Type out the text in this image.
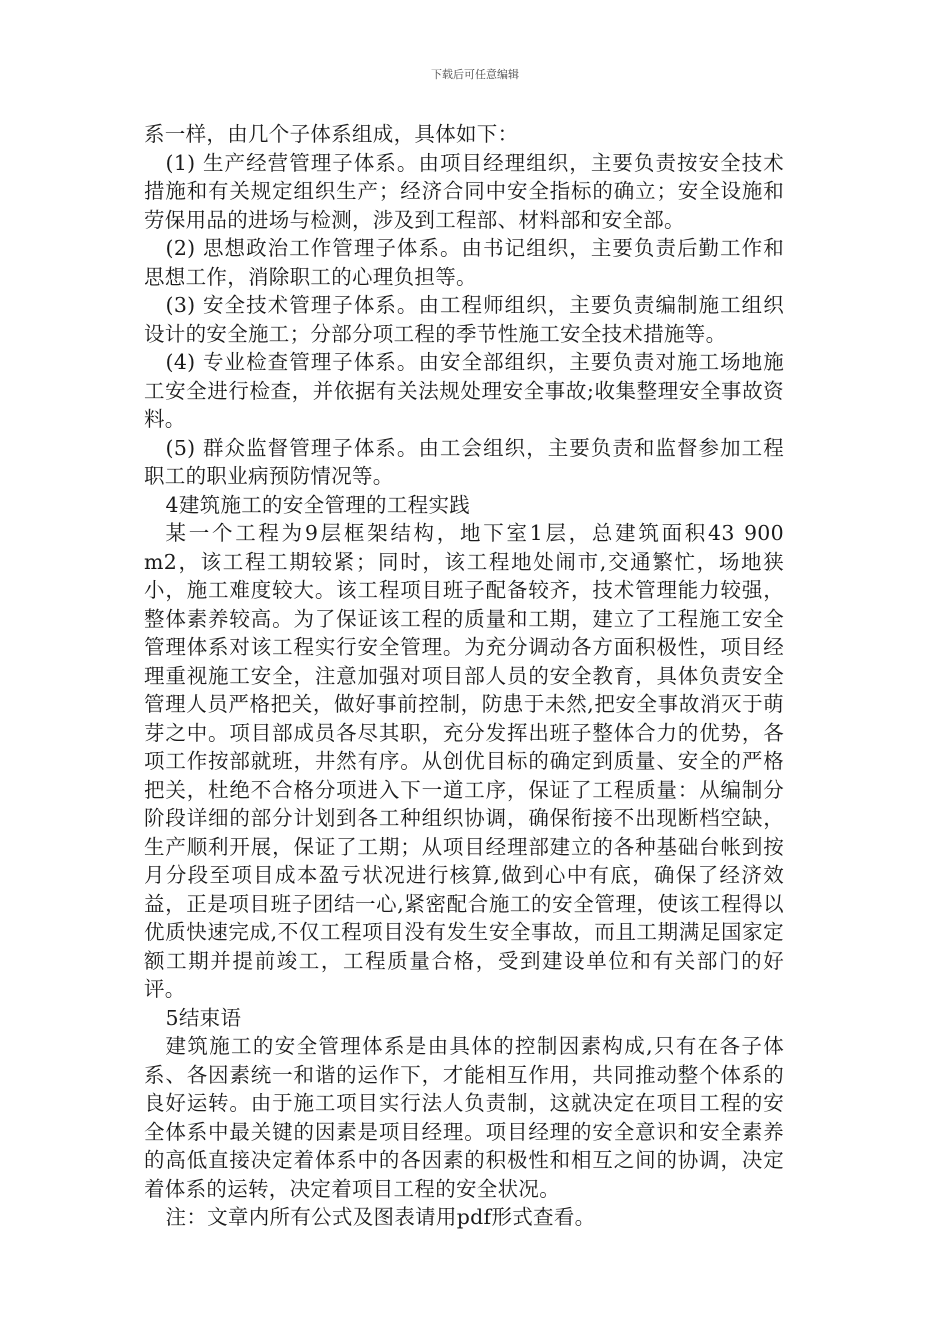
下载后可任意编辑

系一样，由几个子体系组成，具体如下：

(1) 生产经营管理子体系。由项目经理组织，主要负责按安全技术措施和有关规定组织生产；经济合同中安全指标的确立；安全设施和劳保用品的进场与检测，涉及到工程部、材料部和安全部。

(2) 思想政治工作管理子体系。由书记组织，主要负责后勤工作和思想工作，消除职工的心理负担等。

(3) 安全技术管理子体系。由工程师组织，主要负责编制施工组织设计的安全施工；分部分项工程的季节性施工安全技术措施等。

(4) 专业检查管理子体系。由安全部组织，主要负责对施工场地施工安全进行检查，并依据有关法规处理安全事故;收集整理安全事故资料。

(5) 群众监督管理子体系。由工会组织，主要负责和监督参加工程职工的职业病预防情况等。

4建筑施工的安全管理的工程实践

某一个工程为9层框架结构，地下室1层，总建筑面积43 900 m2，该工程工期较紧；同时，该工程地处闹市,交通繁忙，场地狭小，施工难度较大。该工程项目班子配备较齐，技术管理能力较强，整体素养较高。为了保证该工程的质量和工期，建立了工程施工安全管理体系对该工程实行安全管理。为充分调动各方面积极性，项目经理重视施工安全，注意加强对项目部人员的安全教育，具体负责安全管理人员严格把关，做好事前控制，防患于未然,把安全事故消灭于萌芽之中。项目部成员各尽其职，充分发挥出班子整体合力的优势，各项工作按部就班，井然有序。从创优目标的确定到质量、安全的严格把关，杜绝不合格分项进入下一道工序，保证了工程质量：从编制分阶段详细的部分计划到各工种组织协调，确保衔接不出现断档空缺，生产顺利开展，保证了工期；从项目经理部建立的各种基础台帐到按月分段至项目成本盈亏状况进行核算,做到心中有底，确保了经济效益，正是项目班子团结一心,紧密配合施工的安全管理，使该工程得以优质快速完成,不仅工程项目没有发生安全事故，而且工期满足国家定额工期并提前竣工，工程质量合格，受到建设单位和有关部门的好评。

5结束语

建筑施工的安全管理体系是由具体的控制因素构成,只有在各子体系、各因素统一和谐的运作下，才能相互作用，共同推动整个体系的良好运转。由于施工项目实行法人负责制，这就决定在项目工程的安全体系中最关键的因素是项目经理。项目经理的安全意识和安全素养的高低直接决定着体系中的各因素的积极性和相互之间的协调，决定着体系的运转，决定着项目工程的安全状况。

注：文章内所有公式及图表请用pdf形式查看。
